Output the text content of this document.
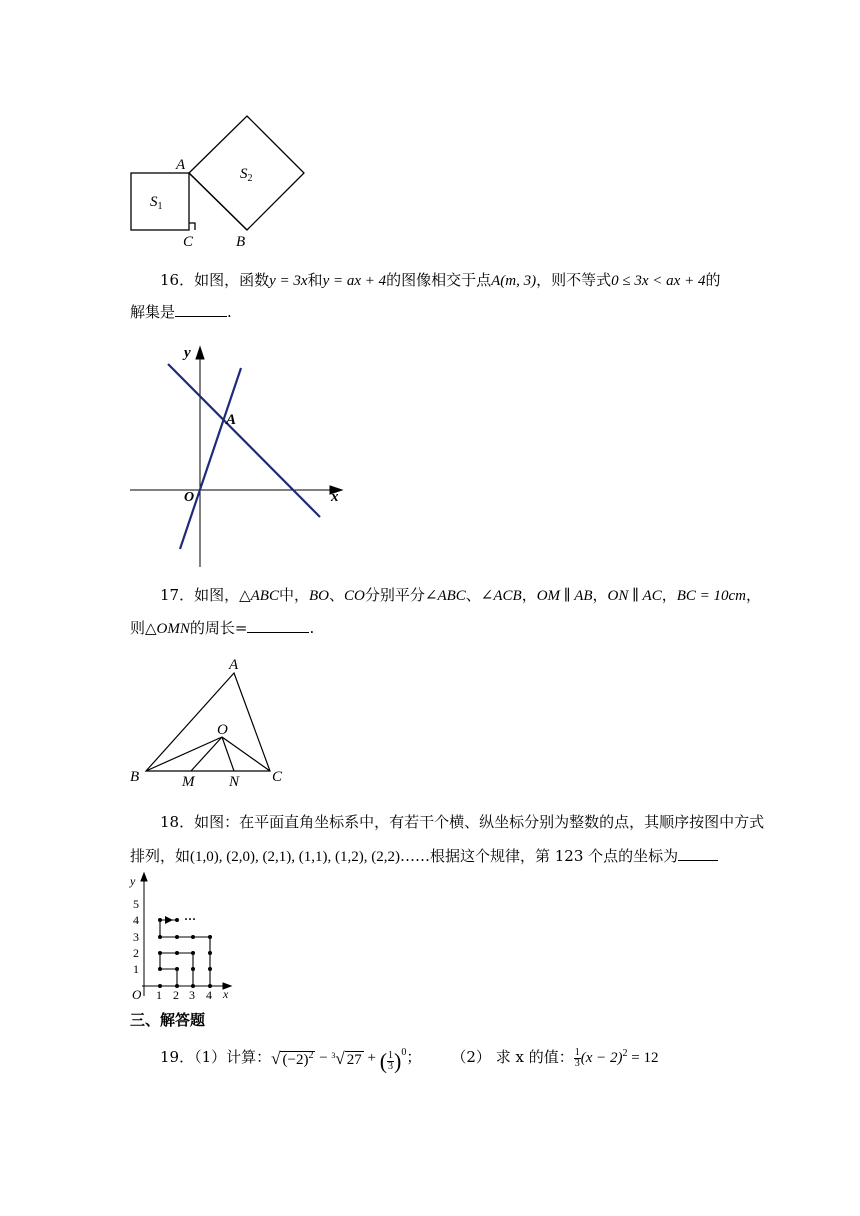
A
C	B
$S_1$
$S_2$
16．如图，函数y = 3x和y = ax + 4的图像相交于点A(m, 3)，则不等式0 ≤ 3x < ax + 4的
解集是	.
y
x
O
A
17．如图，△ABC中，BO、CO分别平分∠ABC、∠ACB，OM ∥ AB，ON ∥ AC，BC = 10cm，
则△OMN的周长=	.
A
B	C
O
M N
18．如图：在平面直角坐标系中，有若干个横、纵坐标分别为整数的点，其顺序按图中方式
排列，如(1,0), (2,0), (2,1), (1,1), (1,2), (2,2)……根据这个规律，第 123 个点的坐标为
···
y
x
O 1 2 3 4
1
2
3
4
5
三、解答题
19．（1）计算：√ $(-2)^2 - ^3√$ 27 + ( $\frac{1}{3} )^0$； （2） 求 x 的值： $\frac{1}{3} (x - 2)^2 = 12$
